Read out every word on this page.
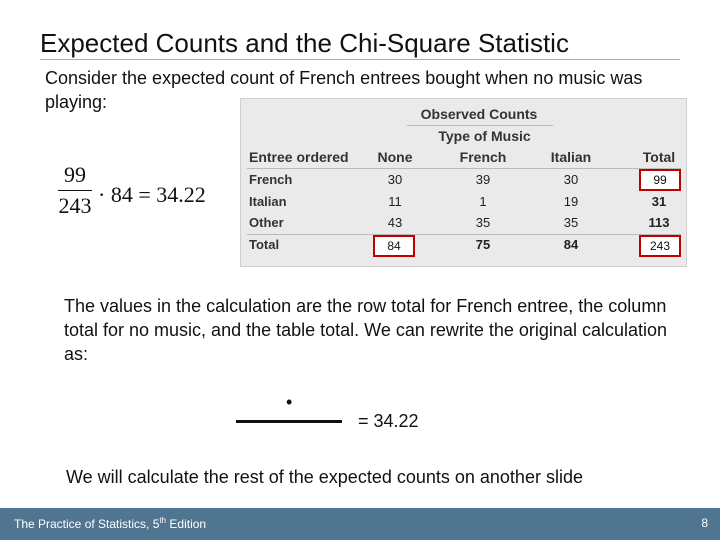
Expected Counts and the Chi-Square Statistic
Consider the expected count of French entrees bought when no music was playing:
99
243 · 84 = 34.22
Observed Counts
Type of Music
Entree ordered	None	French	Italian	Total
French	30	39	30	99
Italian	11	1	19	31
Other	43	35	35	113
Total	84	75	84	243
The values in the calculation are the row total for French entree, the column total for no music, and the table total. We can rewrite the original calculation as:
•
= 34.22
We will calculate the rest of the expected counts on another slide
The Practice of Statistics, 5th Edition	8
